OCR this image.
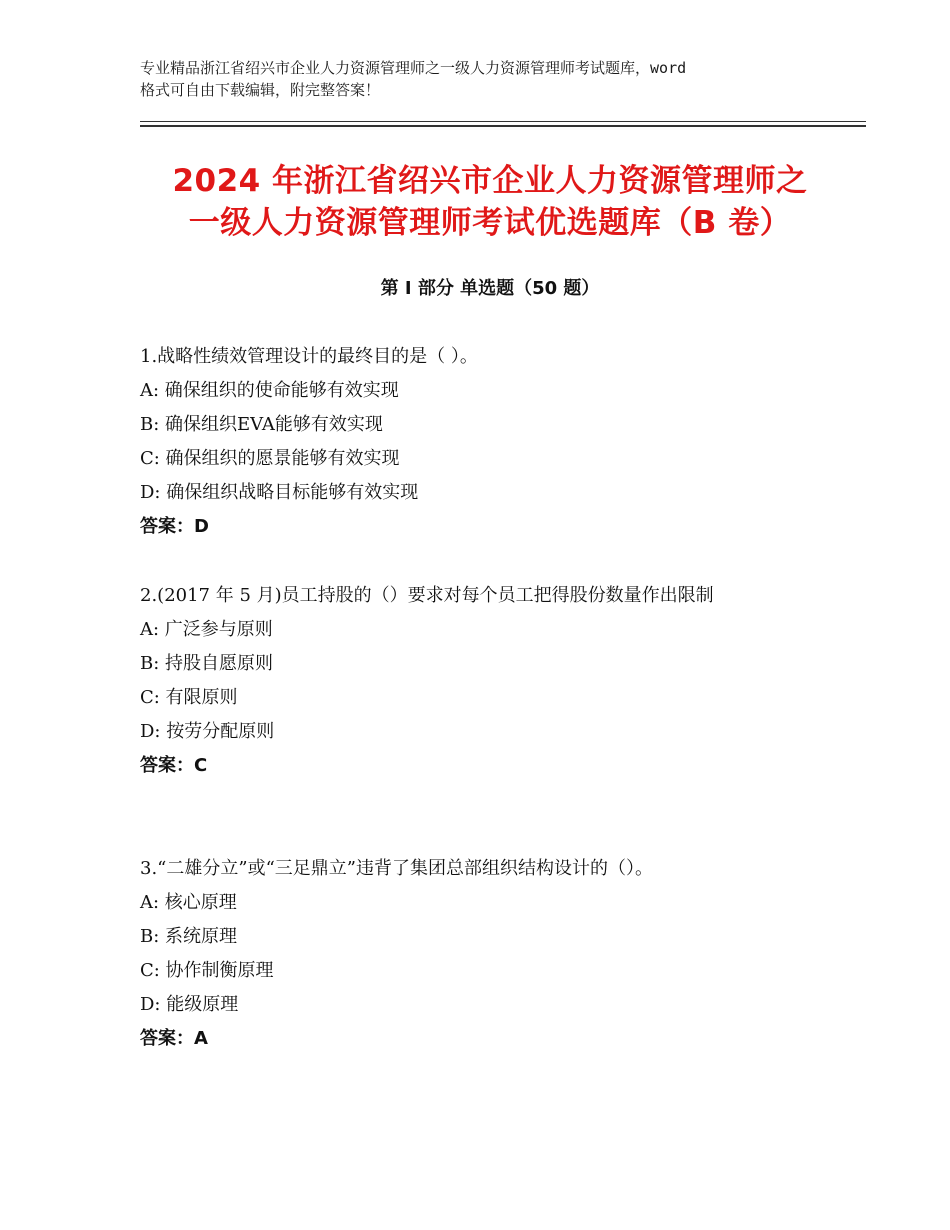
专业精品浙江省绍兴市企业人力资源管理师之一级人力资源管理师考试题库，word
格式可自由下载编辑，附完整答案！
2024 年浙江省绍兴市企业人力资源管理师之
一级人力资源管理师考试优选题库（B 卷）
第 I 部分 单选题（50 题）
1.战略性绩效管理设计的最终目的是（ ）。
A: 确保组织的使命能够有效实现
B: 确保组织EVA能够有效实现
C: 确保组织的愿景能够有效实现
D: 确保组织战略目标能够有效实现
答案：D
2.(2017 年 5 月)员工持股的（）要求对每个员工把得股份数量作出限制
A: 广泛参与原则
B: 持股自愿原则
C: 有限原则
D: 按劳分配原则
答案：C
3.“二雄分立”或“三足鼎立”违背了集团总部组织结构设计的（）。
A: 核心原理
B: 系统原理
C: 协作制衡原理
D: 能级原理
答案：A
